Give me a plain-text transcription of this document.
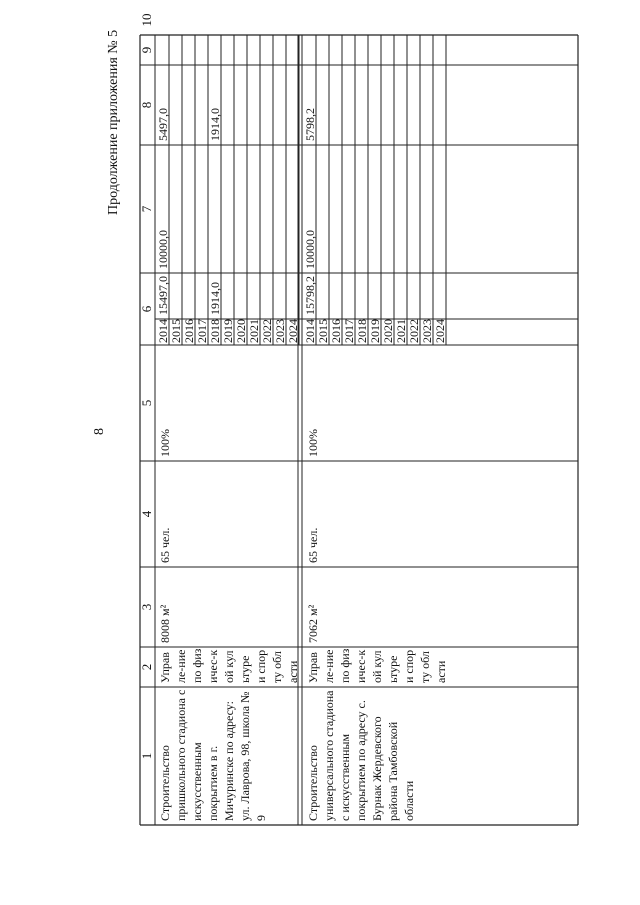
8
Продолжение приложения № 5
1
2
3
4
5
6
7
8
9
10
Строительство пришкольного стадиона с искусственным покрытием в г. Мичуринске по адресу: ул. Лаврова, 98, школа № 9
Управле-ние по физичес-кой культуре и спорту области
8008 м²
65 чел.
100%
Строительство универсального стадиона с искусственным покрытием по адресу с. Бурнак Жердевского района Тамбовской области
Управле-ние по физичес-кой культуре и спорту области
7062 м²
65 чел.
100%
2014
15497,0
10000,0
5497,0
2015 2016 2017 2018
1914,0
1914,0
2019 2020 2021 2022 2023 2024 2014
15798,2
10000,0
5798,2
2015 2016 2017 2018 2019 2020 2021 2022 2023 2024
